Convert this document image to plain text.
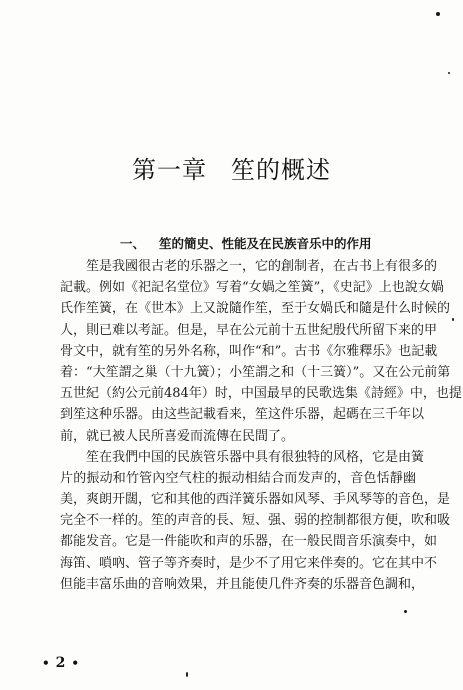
第一章 笙的概述
一、 笙的簡史、性能及在民族音乐中的作用
笙是我國很古老的乐器之一，它的創制者，在古书上有很多的
記載。例如《祀記名堂位》写着“女媧之笙簧”，《史記》上也說女媧
氏作笙簧，在《世本》上又說隨作笙，至于女媧氏和隨是什么时候的
人，則已难以考証。但是，早在公元前十五世紀殷代所留下来的甲
骨文中，就有笙的另外名称，叫作“和”。古书《尔雅釋乐》也記載
着：“大笙謂之巢（十九簧）；小笙謂之和（十三簧）”。又在公元前第
五世紀（約公元前484年）时，中国最早的民歌选集《詩經》中，也提
到笙这种乐器。由这些記載看来，笙这件乐器，起碼在三千年以
前，就已被人民所喜爱而流傳在民間了。
笙在我們中国的民族管乐器中具有很独特的风格，它是由簧
片的振动和竹管內空气柱的振动相結合而发声的，音色恬靜幽
美，爽朗开闊，它和其他的西洋簧乐器如风琴、手风琴等的音色，是
完全不一样的。笙的声音的長、短、强、弱的控制都很方便，吹和吸
都能发音。它是一件能吹和声的乐器，在一般民間音乐演奏中，如
海笛、嗩吶、管子等齐奏时，是少不了用它来伴奏的。它在其中不
但能丰富乐曲的音响效果，并且能使几件齐奏的乐器音色調和，
• 2 •
